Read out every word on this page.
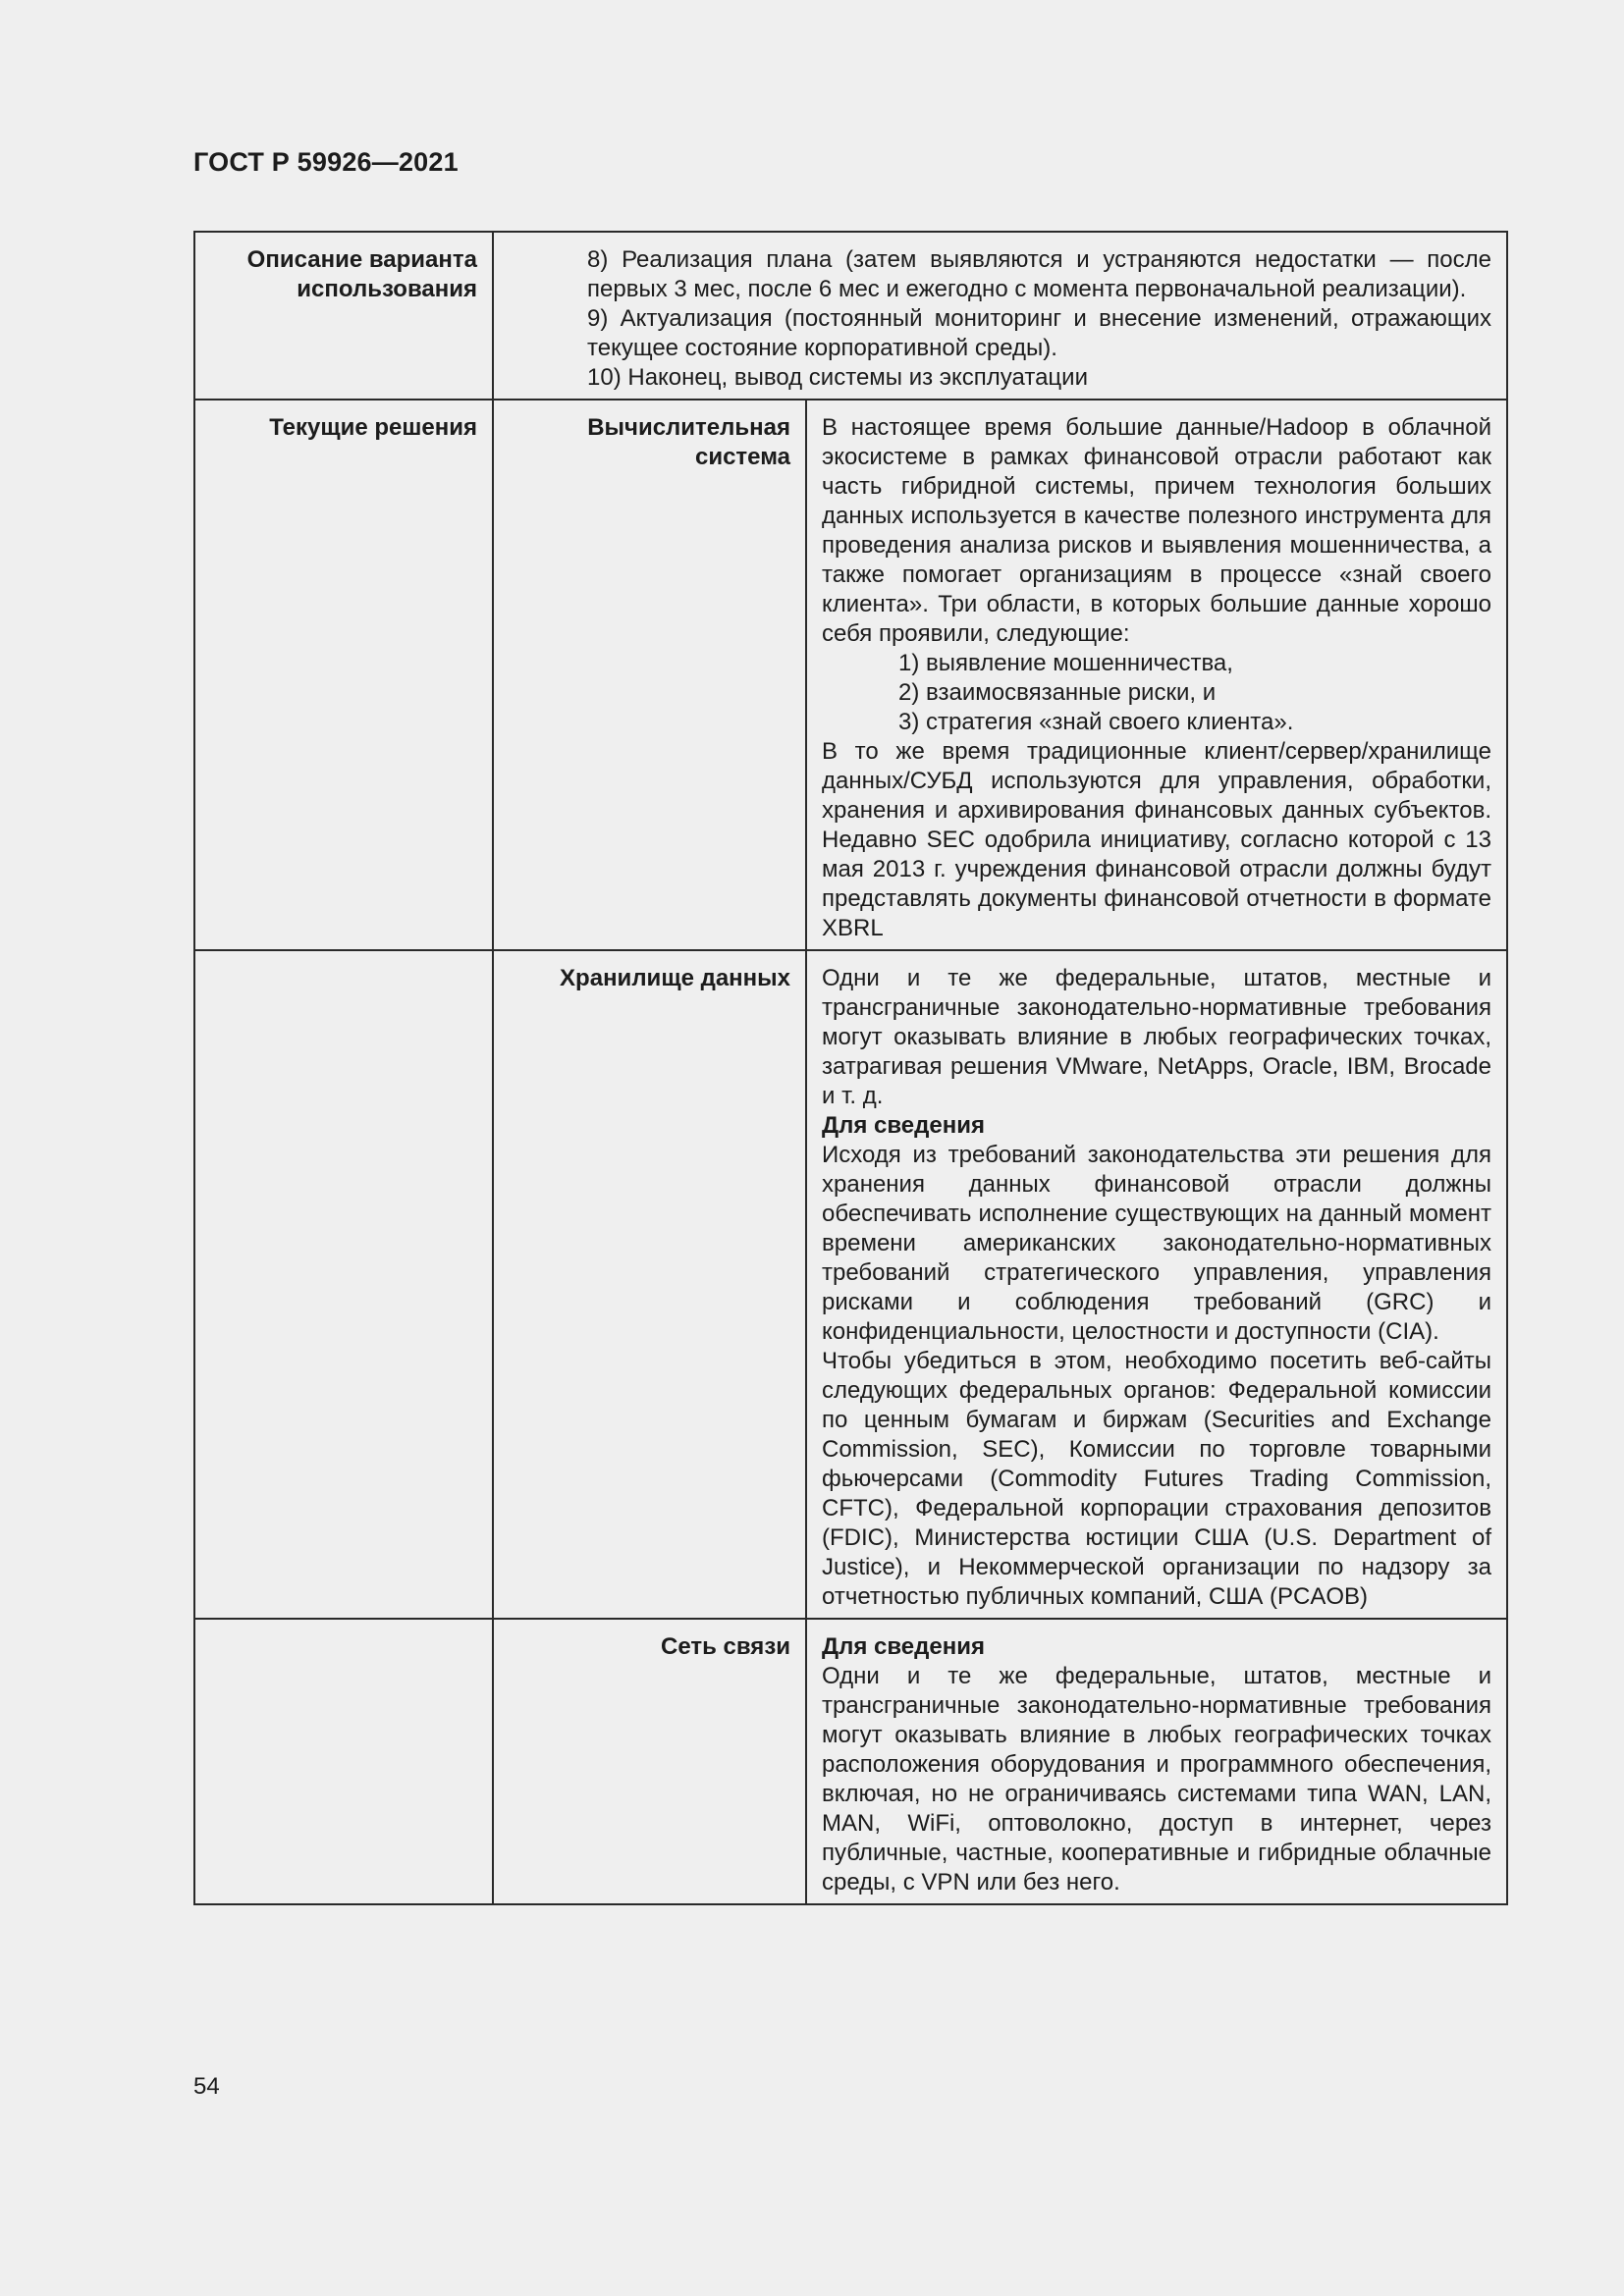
ГОСТ Р 59926—2021
Описание варианта использования	8) Реализация плана (затем выявляются и устраняются недостатки — после первых 3 мес, после 6 мес и ежегодно с момента первоначальной реализации).
9) Актуализация (постоянный мониторинг и внесение изменений, отражающих текущее состояние корпоративной среды).
10) Наконец, вывод системы из эксплуатации	

Текущие решения	Вычислительная система	В настоящее время большие данные/Hadoop в облачной экосистеме в рамках финансовой отрасли работают как часть гибридной системы, причем технология больших данных используется в качестве полезного инструмента для проведения анализа рисков и выявления мошенничества, а также помогает организациям в процессе «знай своего клиента». Три области, в которых большие данные хорошо себя проявили, следующие:
1) выявление мошенничества,
2) взаимосвязанные риски, и
3) стратегия «знай своего клиента».
В то же время традиционные клиент/сервер/хранилище данных/СУБД используются для управления, обработки, хранения и архивирования финансовых данных субъектов. Недавно SEC одобрила инициативу, согласно которой с 13 мая 2013 г. учреждения финансовой отрасли должны будут представлять документы финансовой отчетности в формате XBRL

	Хранилище данных	Одни и те же федеральные, штатов, местные и трансграничные законодательно-нормативные требования могут оказывать влияние в любых географических точках, затрагивая решения VMware, NetApps, Oracle, IBM, Brocade и т. д.
Для сведения
Исходя из требований законодательства эти решения для хранения данных финансовой отрасли должны обеспечивать исполнение существующих на данный момент времени американских законодательно-нормативных требований стратегического управления, управления рисками и соблюдения требований (GRC) и конфиденциальности, целостности и доступности (CIA).
Чтобы убедиться в этом, необходимо посетить веб-сайты следующих федеральных органов: Федеральной комиссии по ценным бумагам и биржам (Securities and Exchange Commission, SEC), Комиссии по торговле товарными фьючерсами (Commodity Futures Trading Commission, CFTC), Федеральной корпорации страхования депозитов (FDIC), Министерства юстиции США (U.S. Department of Justice), и Некоммерческой организации по надзору за отчетностью публичных компаний, США (PCAOB)

	Сеть связи	Для сведения
Одни и те же федеральные, штатов, местные и трансграничные законодательно-нормативные требования могут оказывать влияние в любых географических точках расположения оборудования и программного обеспечения, включая, но не ограничиваясь системами типа WAN, LAN, MAN, WiFi, оптоволокно, доступ в интернет, через публичные, частные, кооперативные и гибридные облачные среды, с VPN или без него.
54
